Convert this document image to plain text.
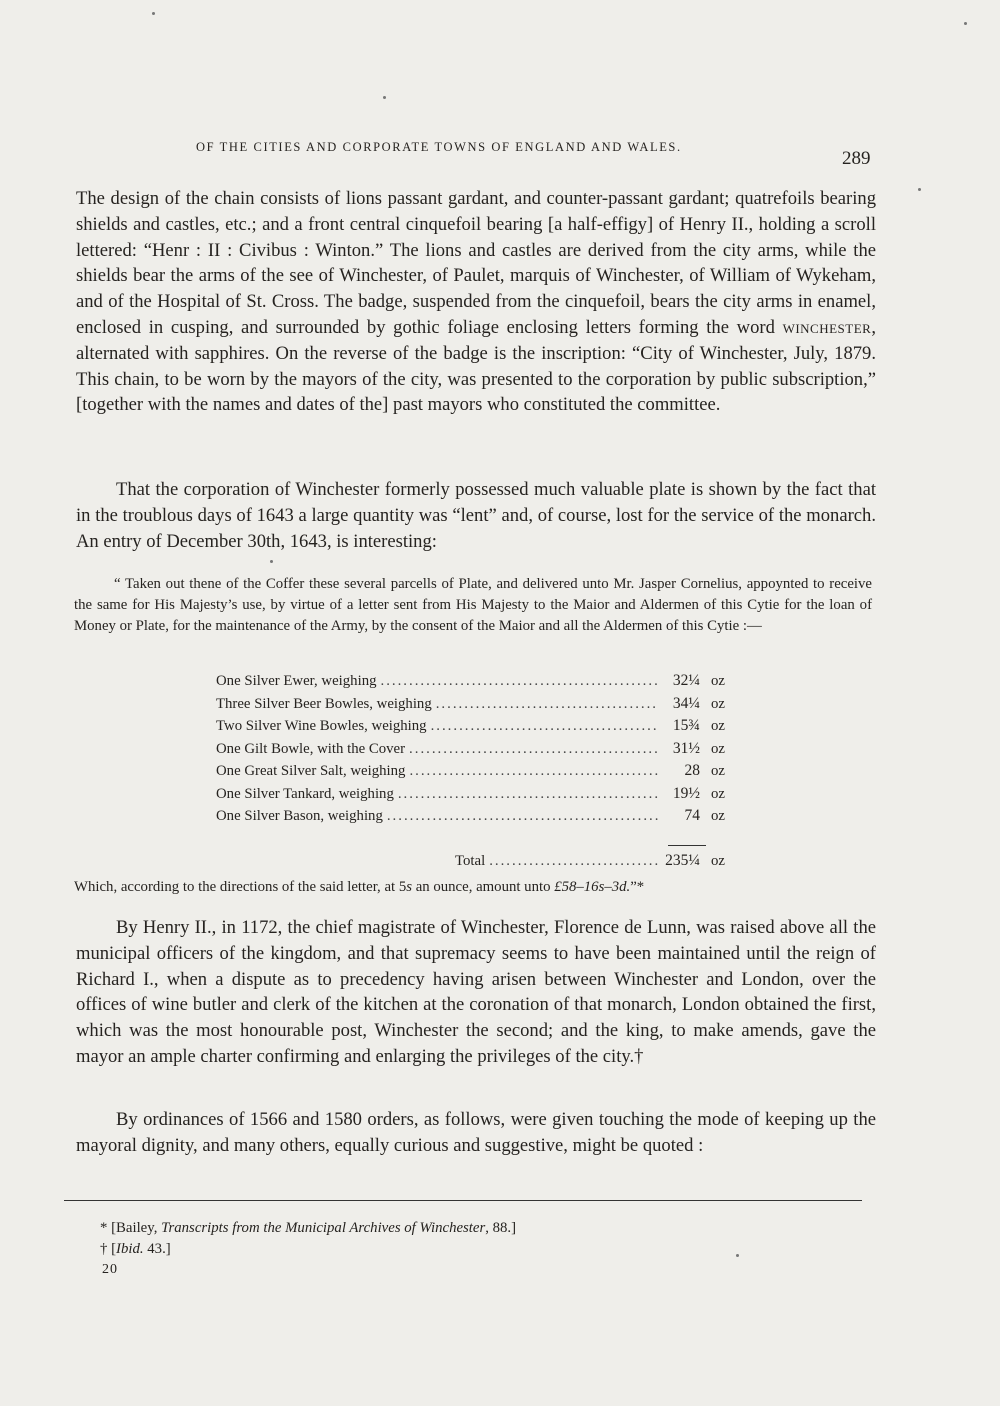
OF THE CITIES AND CORPORATE TOWNS OF ENGLAND AND WALES.
289

The design of the chain consists of lions passant gardant, and counter-passant gardant; quatrefoils bearing shields and castles, etc.; and a front central cinquefoil bearing [a half-effigy] of Henry II., holding a scroll lettered: “Henr : II : Civibus : Winton.” The lions and castles are derived from the city arms, while the shields bear the arms of the see of Winchester, of Paulet, marquis of Winchester, of William of Wykeham, and of the Hospital of St. Cross. The badge, suspended from the cinquefoil, bears the city arms in enamel, enclosed in cusping, and surrounded by gothic foliage enclosing letters forming the word winchester, alternated with sapphires. On the reverse of the badge is the inscription: “City of Winchester, July, 1879. This chain, to be worn by the mayors of the city, was presented to the corporation by public subscription,” [together with the names and dates of the] past mayors who constituted the committee.

That the corporation of Winchester formerly possessed much valuable plate is shown by the fact that in the troublous days of 1643 a large quantity was “lent” and, of course, lost for the service of the monarch. An entry of December 30th, 1643, is interesting:

“ Taken out thene of the Coffer these several parcells of Plate, and delivered unto Mr. Jasper Cornelius, appoynted to receive the same for His Majesty’s use, by virtue of a letter sent from His Majesty to the Maior and Aldermen of this Cytie for the loan of Money or Plate, for the maintenance of the Army, by the consent of the Maior and all the Aldermen of this Cytie :—

One Silver Ewer, weighing .....	32¼ oz
Three Silver Beer Bowles, weighing .....	34¼ oz
Two Silver Wine Bowles, weighing .....	15¾ oz
One Gilt Bowle, with the Cover .....	31½ oz
One Great Silver Salt, weighing .....	28 oz
One Silver Tankard, weighing .....	19½ oz
One Silver Bason, weighing .....	74 oz
Total .....	235¼ oz

Which, according to the directions of the said letter, at 5s an ounce, amount unto £58–16s–3d.”*

By Henry II., in 1172, the chief magistrate of Winchester, Florence de Lunn, was raised above all the municipal officers of the kingdom, and that supremacy seems to have been maintained until the reign of Richard I., when a dispute as to precedency having arisen between Winchester and London, over the offices of wine butler and clerk of the kitchen at the coronation of that monarch, London obtained the first, which was the most honourable post, Winchester the second; and the king, to make amends, gave the mayor an ample charter confirming and enlarging the privileges of the city.†

By ordinances of 1566 and 1580 orders, as follows, were given touching the mode of keeping up the mayoral dignity, and many others, equally curious and suggestive, might be quoted :

* [Bailey, Transcripts from the Municipal Archives of Winchester, 88.]
† [Ibid. 43.]
20
